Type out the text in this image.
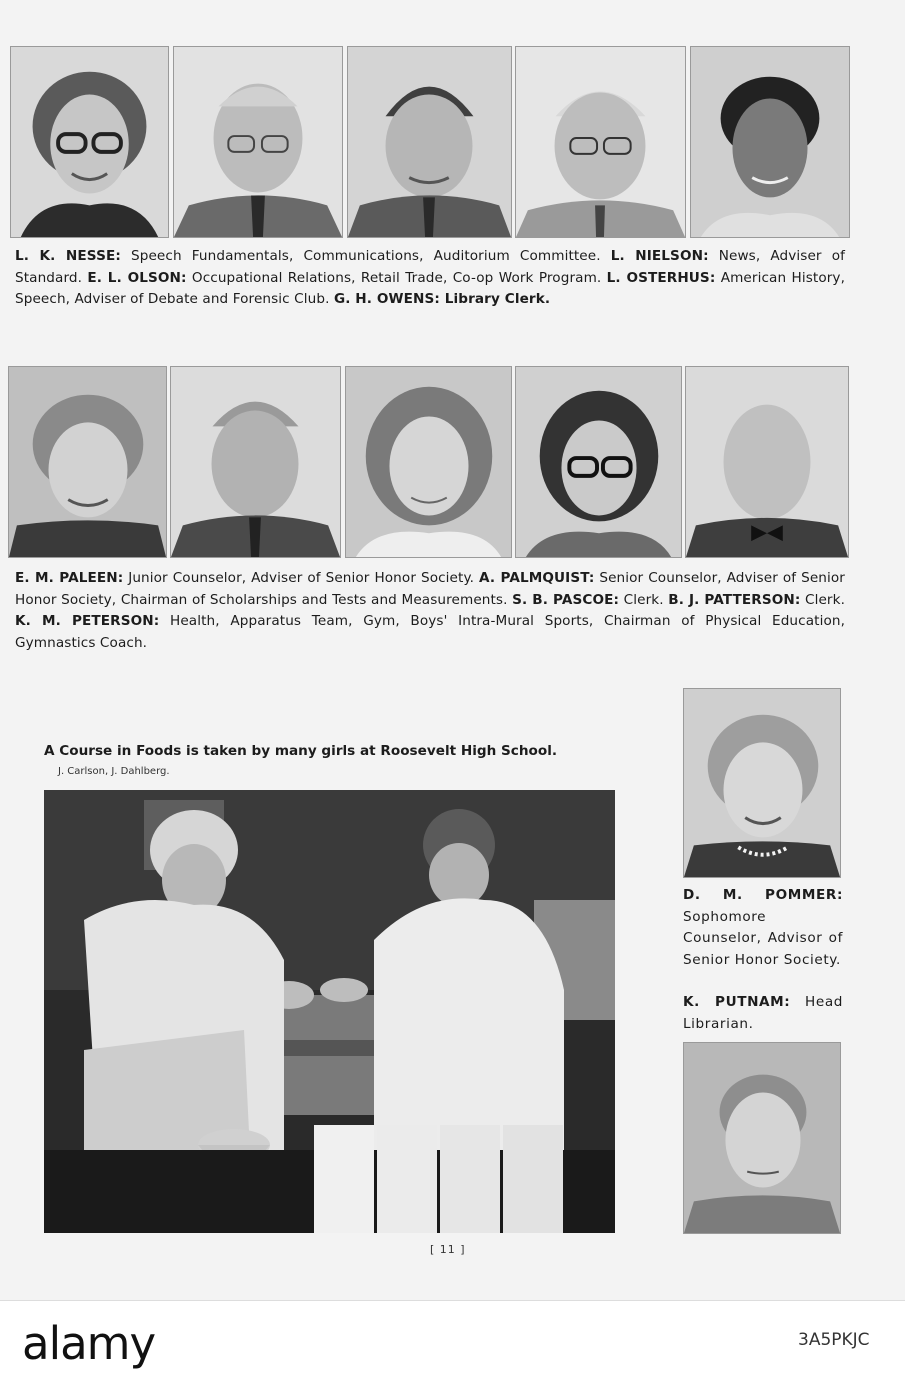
L. K. NESSE: Speech Fundamentals, Communications, Auditorium Committee. L. NIELSON: News, Adviser of Standard. E. L. OLSON: Occupational Relations, Retail Trade, Co-op Work Program. L. OSTERHUS: American History, Speech, Adviser of Debate and Forensic Club. G. H. OWENS: Library Clerk.
E. M. PALEEN: Junior Counselor, Adviser of Senior Honor Society. A. PALMQUIST: Senior Counselor, Adviser of Senior Honor Society, Chairman of Scholarships and Tests and Measurements. S. B. PASCOE: Clerk. B. J. PATTERSON: Clerk. K. M. PETERSON: Health, Apparatus Team, Gym, Boys' Intra-Mural Sports, Chairman of Physical Education, Gymnastics Coach.
A Course in Foods is taken by many girls at Roosevelt High School.
J. Carlson, J. Dahlberg.
D. M. POMMER: Sophomore Counselor, Advisor of Senior Honor Society.
K. PUTNAM: Head Librarian.
[ 11 ]
alamy	3A5PKJC
